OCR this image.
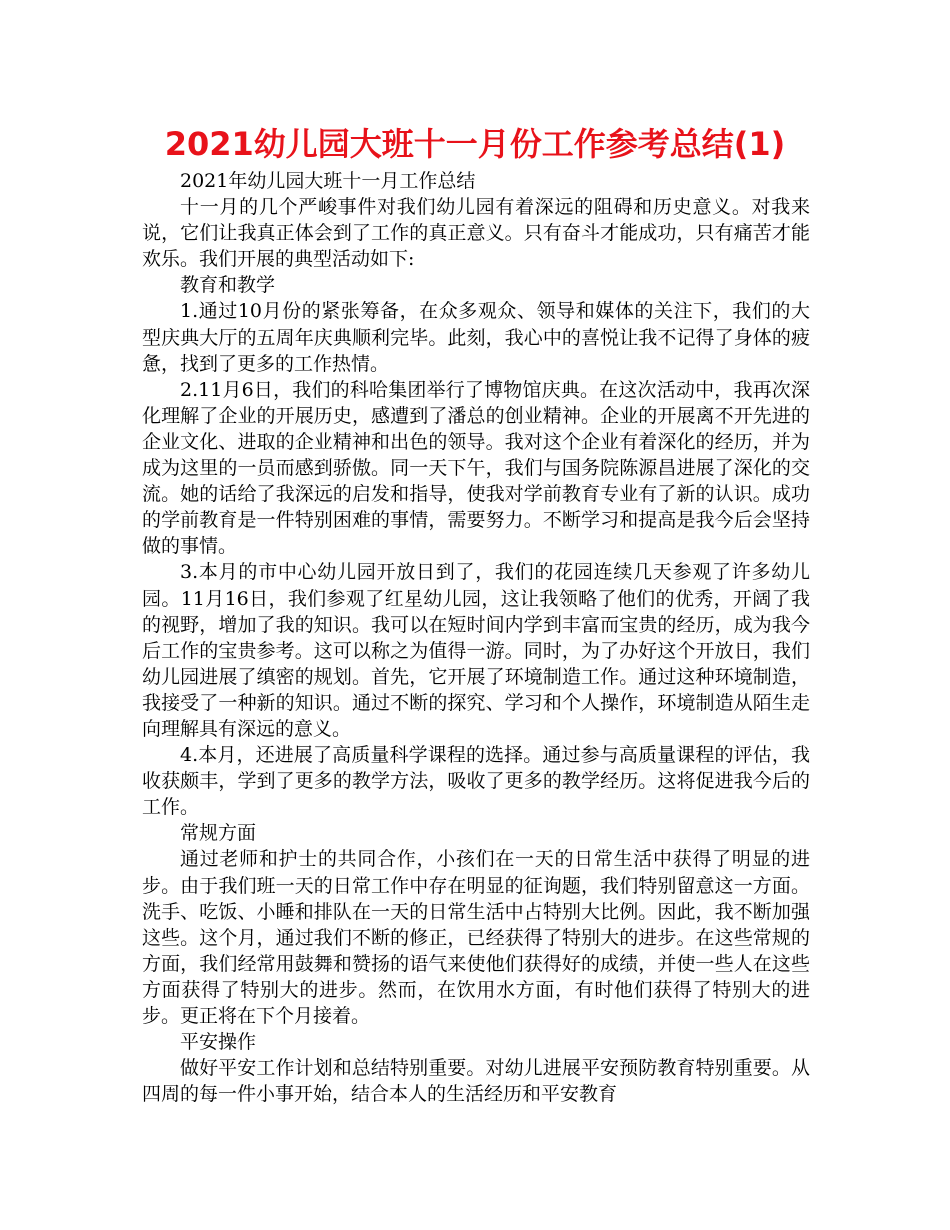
2021幼儿园大班十一月份工作参考总结(1)

2021年幼儿园大班十一月工作总结

十一月的几个严峻事件对我们幼儿园有着深远的阻碍和历史意义。对我来说，它们让我真正体会到了工作的真正意义。只有奋斗才能成功，只有痛苦才能欢乐。我们开展的典型活动如下:

教育和教学

1.通过10月份的紧张筹备，在众多观众、领导和媒体的关注下，我们的大型庆典大厅的五周年庆典顺利完毕。此刻，我心中的喜悦让我不记得了身体的疲惫，找到了更多的工作热情。

2.11月6日，我们的科哈集团举行了博物馆庆典。在这次活动中，我再次深化理解了企业的开展历史，感遭到了潘总的创业精神。企业的开展离不开先进的企业文化、进取的企业精神和出色的领导。我对这个企业有着深化的经历，并为成为这里的一员而感到骄傲。同一天下午，我们与国务院陈源昌进展了深化的交流。她的话给了我深远的启发和指导，使我对学前教育专业有了新的认识。成功的学前教育是一件特别困难的事情，需要努力。不断学习和提高是我今后会坚持做的事情。

3.本月的市中心幼儿园开放日到了，我们的花园连续几天参观了许多幼儿园。11月16日，我们参观了红星幼儿园，这让我领略了他们的优秀，开阔了我的视野，增加了我的知识。我可以在短时间内学到丰富而宝贵的经历，成为我今后工作的宝贵参考。这可以称之为值得一游。同时，为了办好这个开放日，我们幼儿园进展了缜密的规划。首先，它开展了环境制造工作。通过这种环境制造，我接受了一种新的知识。通过不断的探究、学习和个人操作，环境制造从陌生走向理解具有深远的意义。

4.本月，还进展了高质量科学课程的选择。通过参与高质量课程的评估，我收获颇丰，学到了更多的教学方法，吸收了更多的教学经历。这将促进我今后的工作。

常规方面

通过老师和护士的共同合作，小孩们在一天的日常生活中获得了明显的进步。由于我们班一天的日常工作中存在明显的征询题，我们特别留意这一方面。洗手、吃饭、小睡和排队在一天的日常生活中占特别大比例。因此，我不断加强这些。这个月，通过我们不断的修正，已经获得了特别大的进步。在这些常规的方面，我们经常用鼓舞和赞扬的语气来使他们获得好的成绩，并使一些人在这些方面获得了特别大的进步。然而，在饮用水方面，有时他们获得了特别大的进步。更正将在下个月接着。

平安操作

做好平安工作计划和总结特别重要。对幼儿进展平安预防教育特别重要。从四周的每一件小事开始，结合本人的生活经历和平安教育
